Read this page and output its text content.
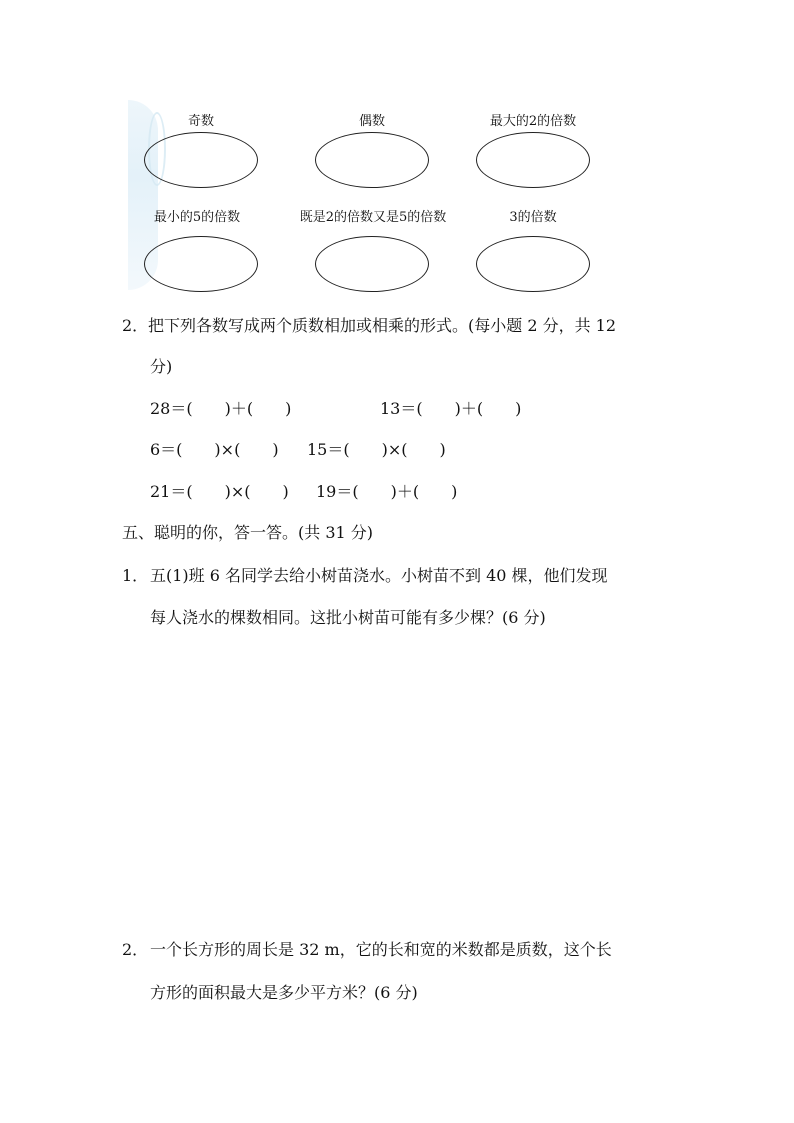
奇数	偶数	最大的2的倍数
最小的5的倍数	既是2的倍数又是5的倍数	3的倍数
2． 把下列各数写成两个质数相加或相乘的形式。(每小题 2 分，共 12
分)
28＝(　　)＋(　　)	13＝(　　)＋(　　)
6＝(　　)×(　　) 15＝(　　)×(　　)
21＝(　　)×(　　) 19＝(　　)＋(　　)
五、聪明的你，答一答。(共 31 分)
1． 五(1)班 6 名同学去给小树苗浇水。小树苗不到 40 棵，他们发现
每人浇水的棵数相同。这批小树苗可能有多少棵？(6 分)
2． 一个长方形的周长是 32 m，它的长和宽的米数都是质数，这个长
方形的面积最大是多少平方米？(6 分)
